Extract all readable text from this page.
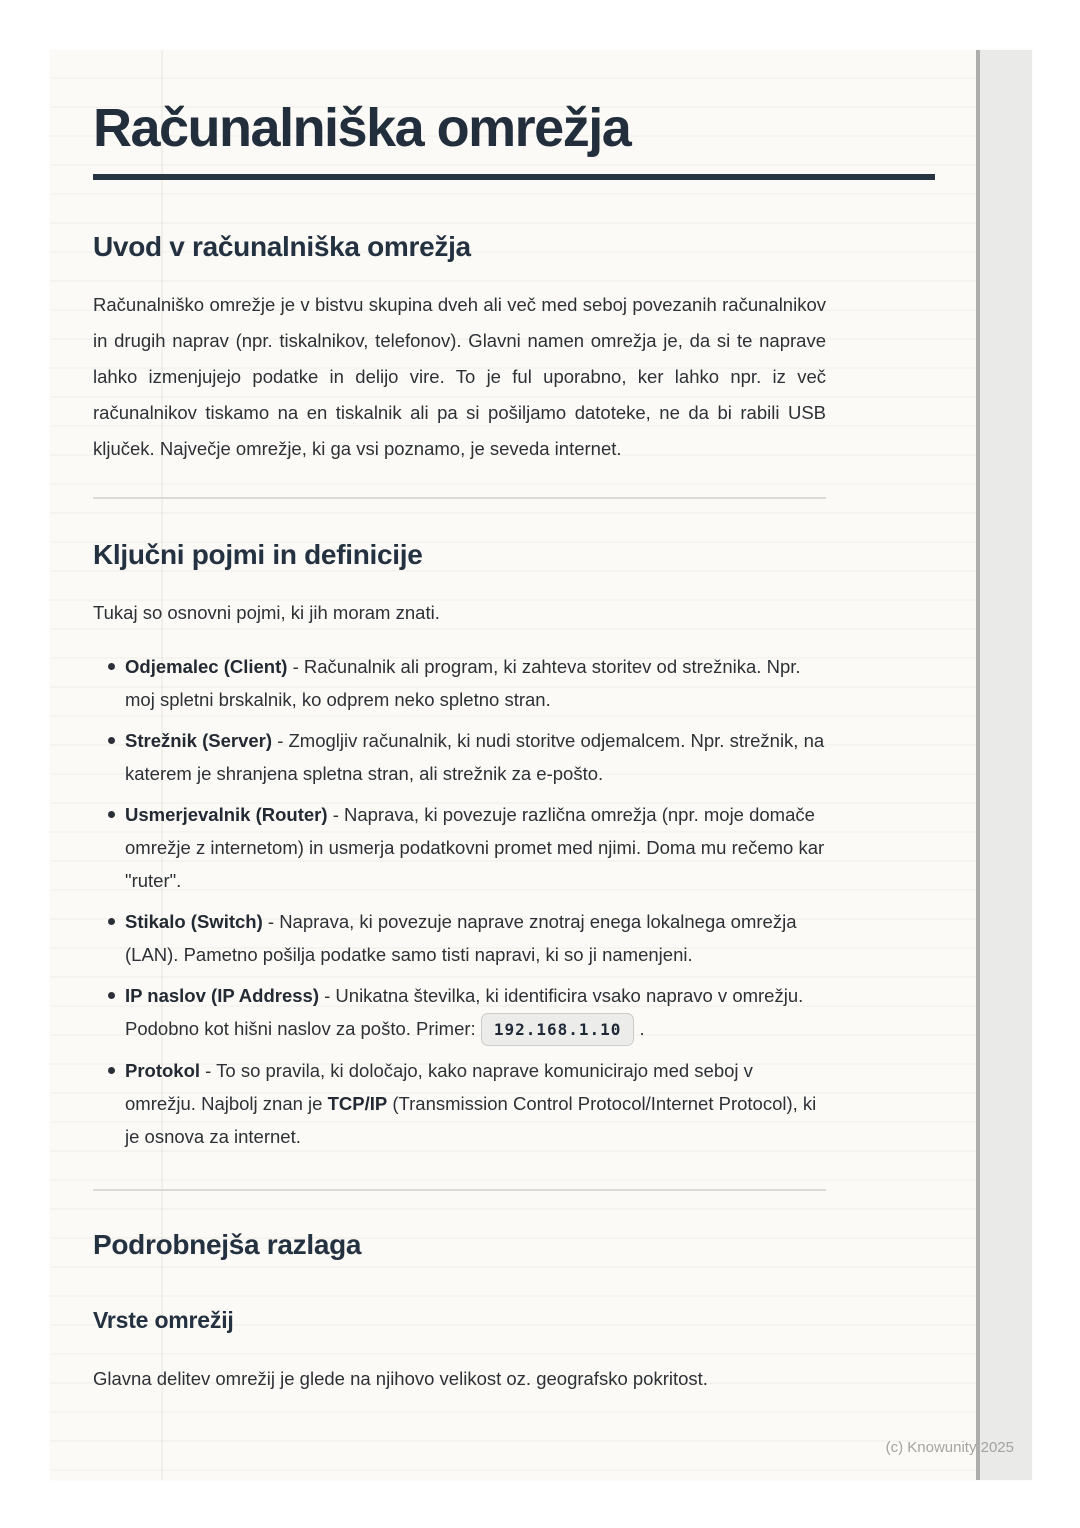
Računalniška omrežja
Uvod v računalniška omrežja

Računalniško omrežje je v bistvu skupina dveh ali več med seboj povezanih računalnikov in drugih naprav (npr. tiskalnikov, telefonov). Glavni namen omrežja je, da si te naprave lahko izmenjujejo podatke in delijo vire. To je ful uporabno, ker lahko npr. iz več računalnikov tiskamo na en tiskalnik ali pa si pošiljamo datoteke, ne da bi rabili USB ključek. Največje omrežje, ki ga vsi poznamo, je seveda internet.

Ključni pojmi in definicije

Tukaj so osnovni pojmi, ki jih moram znati.

Odjemalec (Client) - Računalnik ali program, ki zahteva storitev od strežnika. Npr. moj spletni brskalnik, ko odprem neko spletno stran.
Strežnik (Server) - Zmogljiv računalnik, ki nudi storitve odjemalcem. Npr. strežnik, na katerem je shranjena spletna stran, ali strežnik za e-pošto.
Usmerjevalnik (Router) - Naprava, ki povezuje različna omrežja (npr. moje domače omrežje z internetom) in usmerja podatkovni promet med njimi. Doma mu rečemo kar "ruter".
Stikalo (Switch) - Naprava, ki povezuje naprave znotraj enega lokalnega omrežja (LAN). Pametno pošilja podatke samo tisti napravi, ki so ji namenjeni.
IP naslov (IP Address) - Unikatna številka, ki identificira vsako napravo v omrežju. Podobno kot hišni naslov za pošto. Primer: 192.168.1.10 .
Protokol - To so pravila, ki določajo, kako naprave komunicirajo med seboj v omrežju. Najbolj znan je TCP/IP (Transmission Control Protocol/Internet Protocol), ki je osnova za internet.
Podrobnejša razlaga
Vrste omrežij

Glavna delitev omrežij je glede na njihovo velikost oz. geografsko pokritost.

(c) Knowunity 2025
